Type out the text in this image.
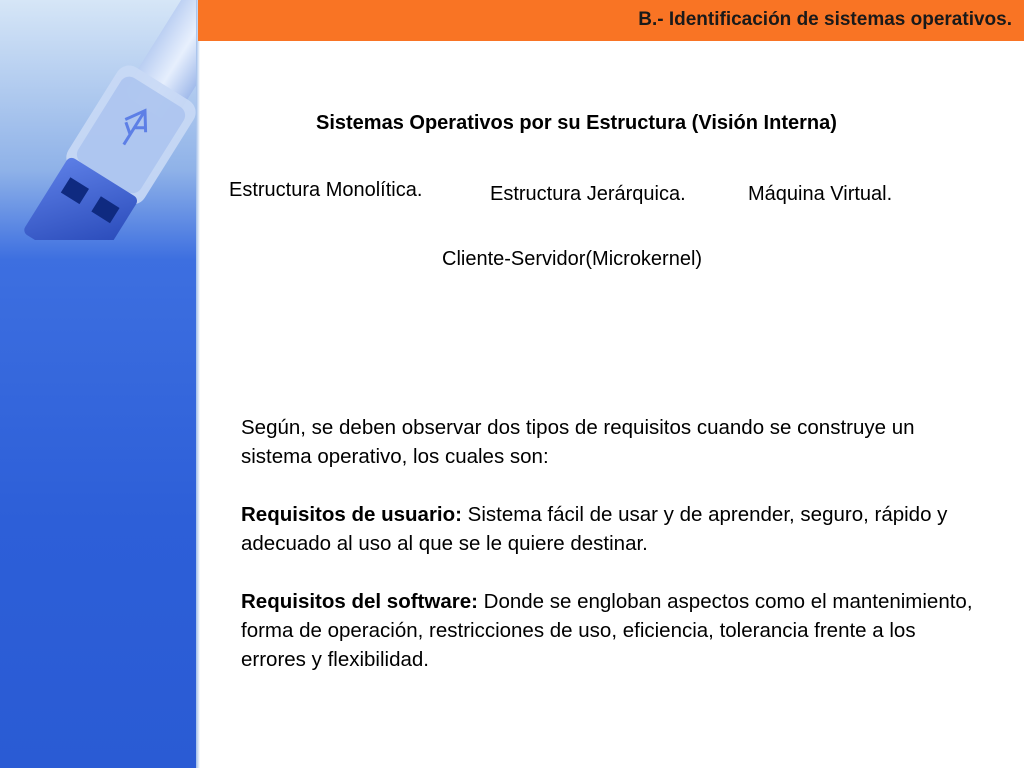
B.- Identificación de sistemas operativos.
Sistemas Operativos por su Estructura (Visión Interna)
Estructura Monolítica.	Estructura Jerárquica.	Máquina Virtual.
Cliente-Servidor(Microkernel)

Según, se deben observar dos tipos de requisitos cuando se construye un sistema operativo, los cuales son:

Requisitos de usuario: Sistema fácil de usar y de aprender, seguro, rápido y adecuado al uso al que se le quiere destinar.

Requisitos del software: Donde se engloban aspectos como el mantenimiento, forma de operación, restricciones de uso, eficiencia, tolerancia frente a los errores y flexibilidad.
